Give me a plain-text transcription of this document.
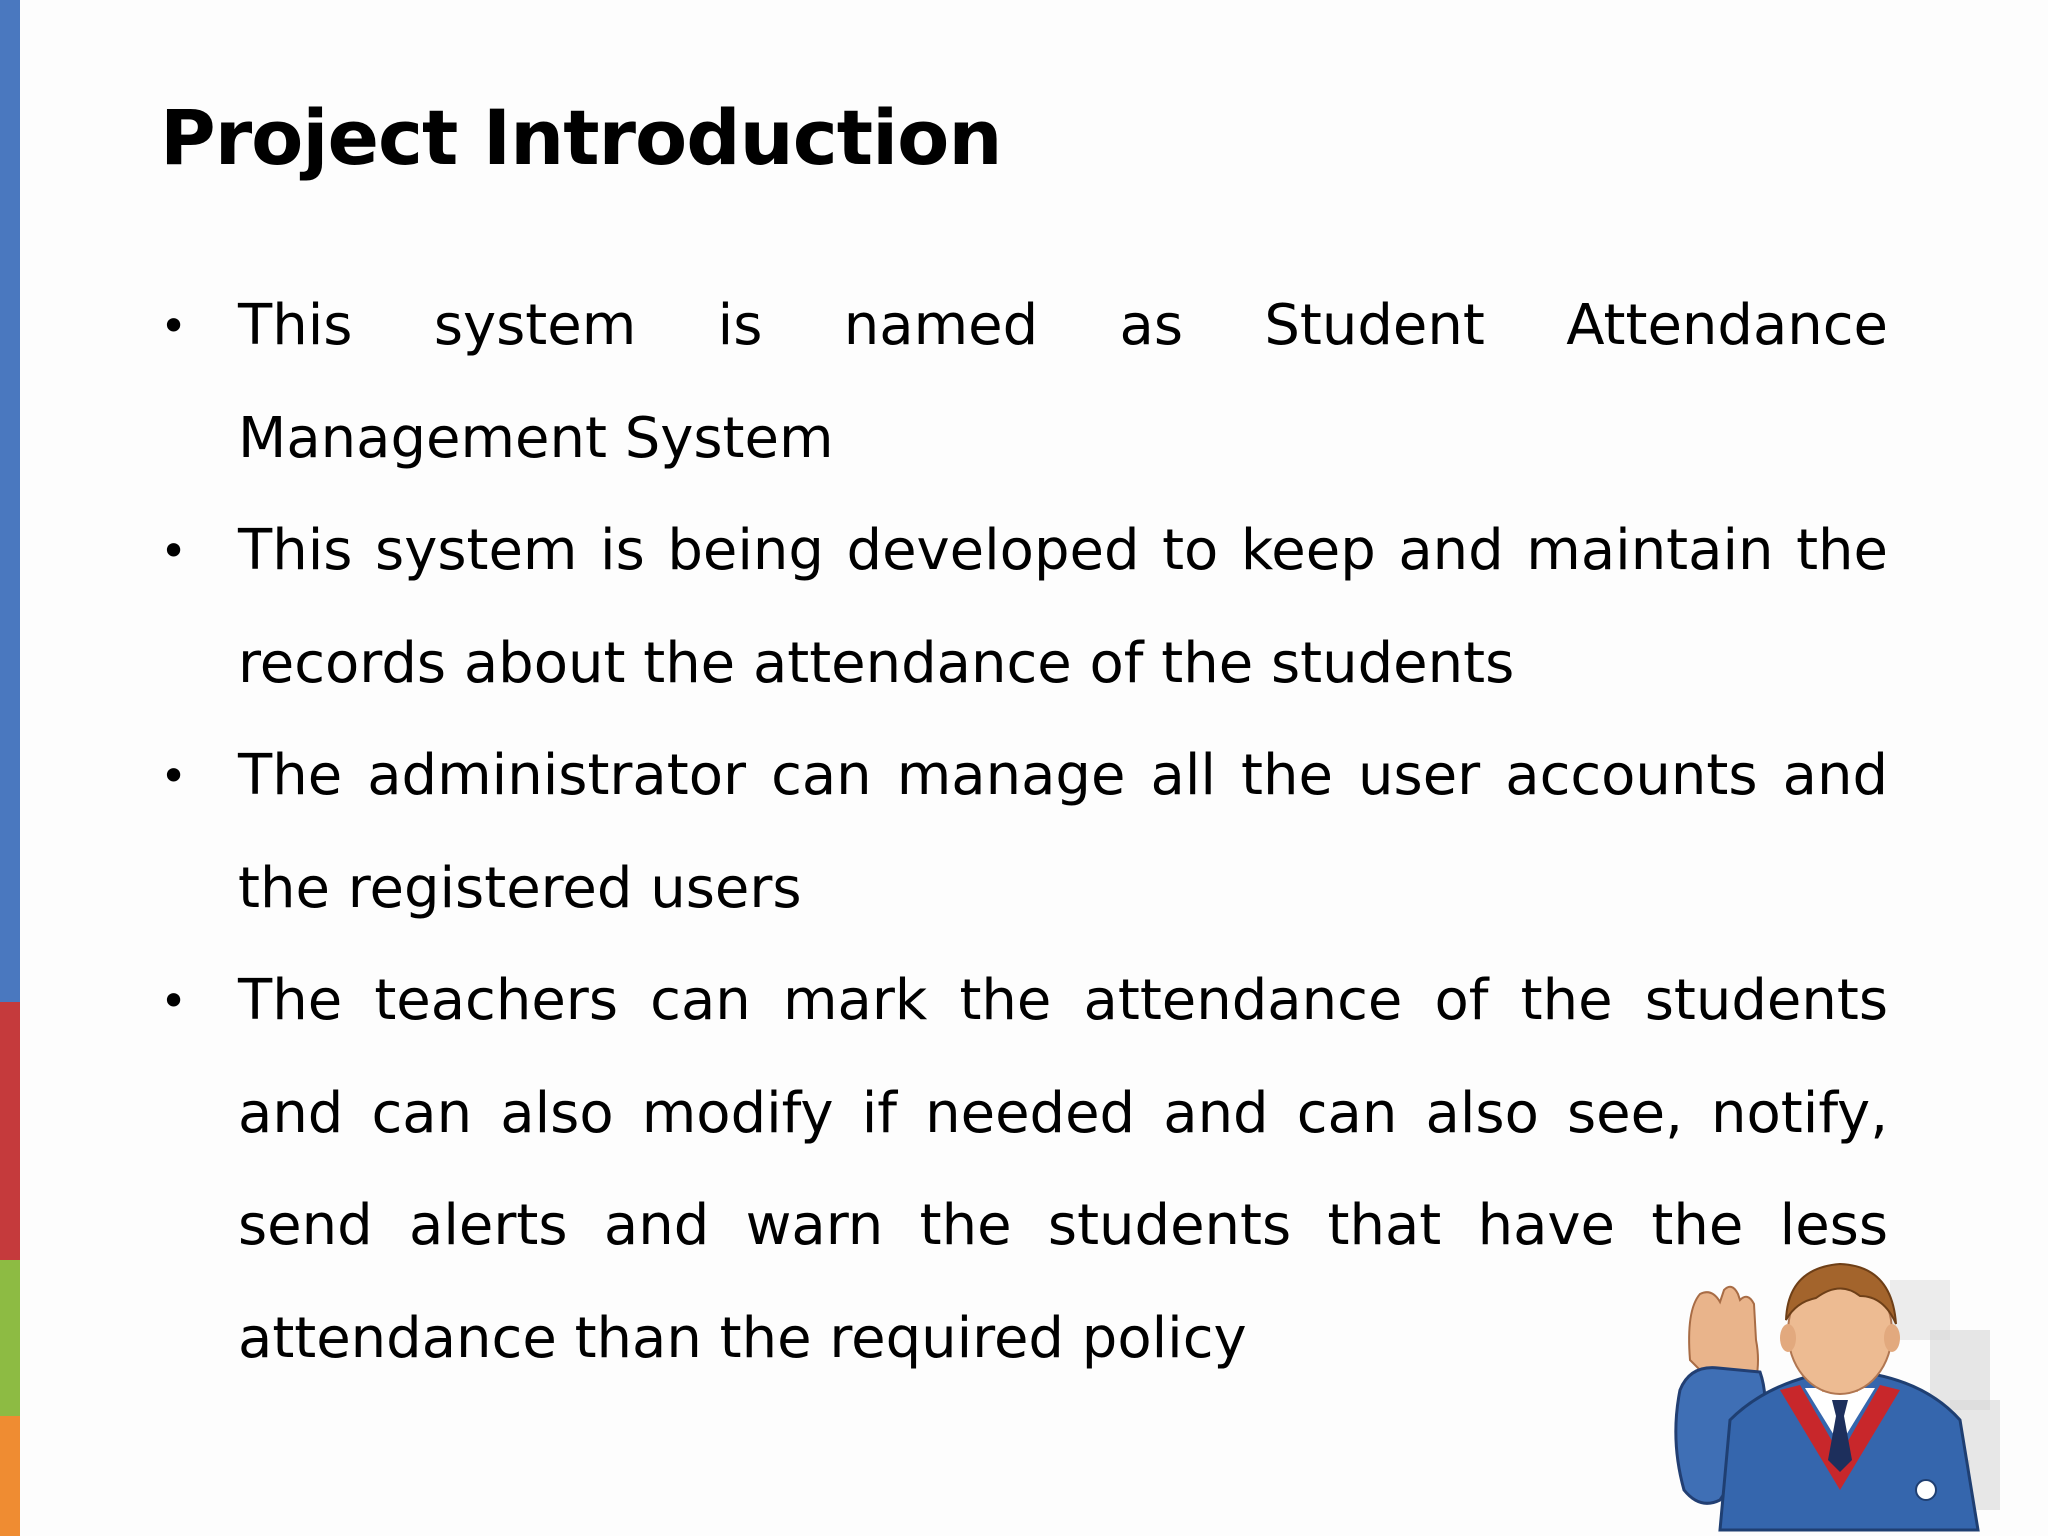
Project Introduction
• This system is named as Student Attendance  Management System
• This system is being developed to keep and maintain the records about the attendance of the students
• The administrator can manage all the user accounts and the registered users
• The teachers can mark the attendance of the students and can also modify if needed and can also see, notify, send alerts and warn the students that have the less attendance than the required policy
